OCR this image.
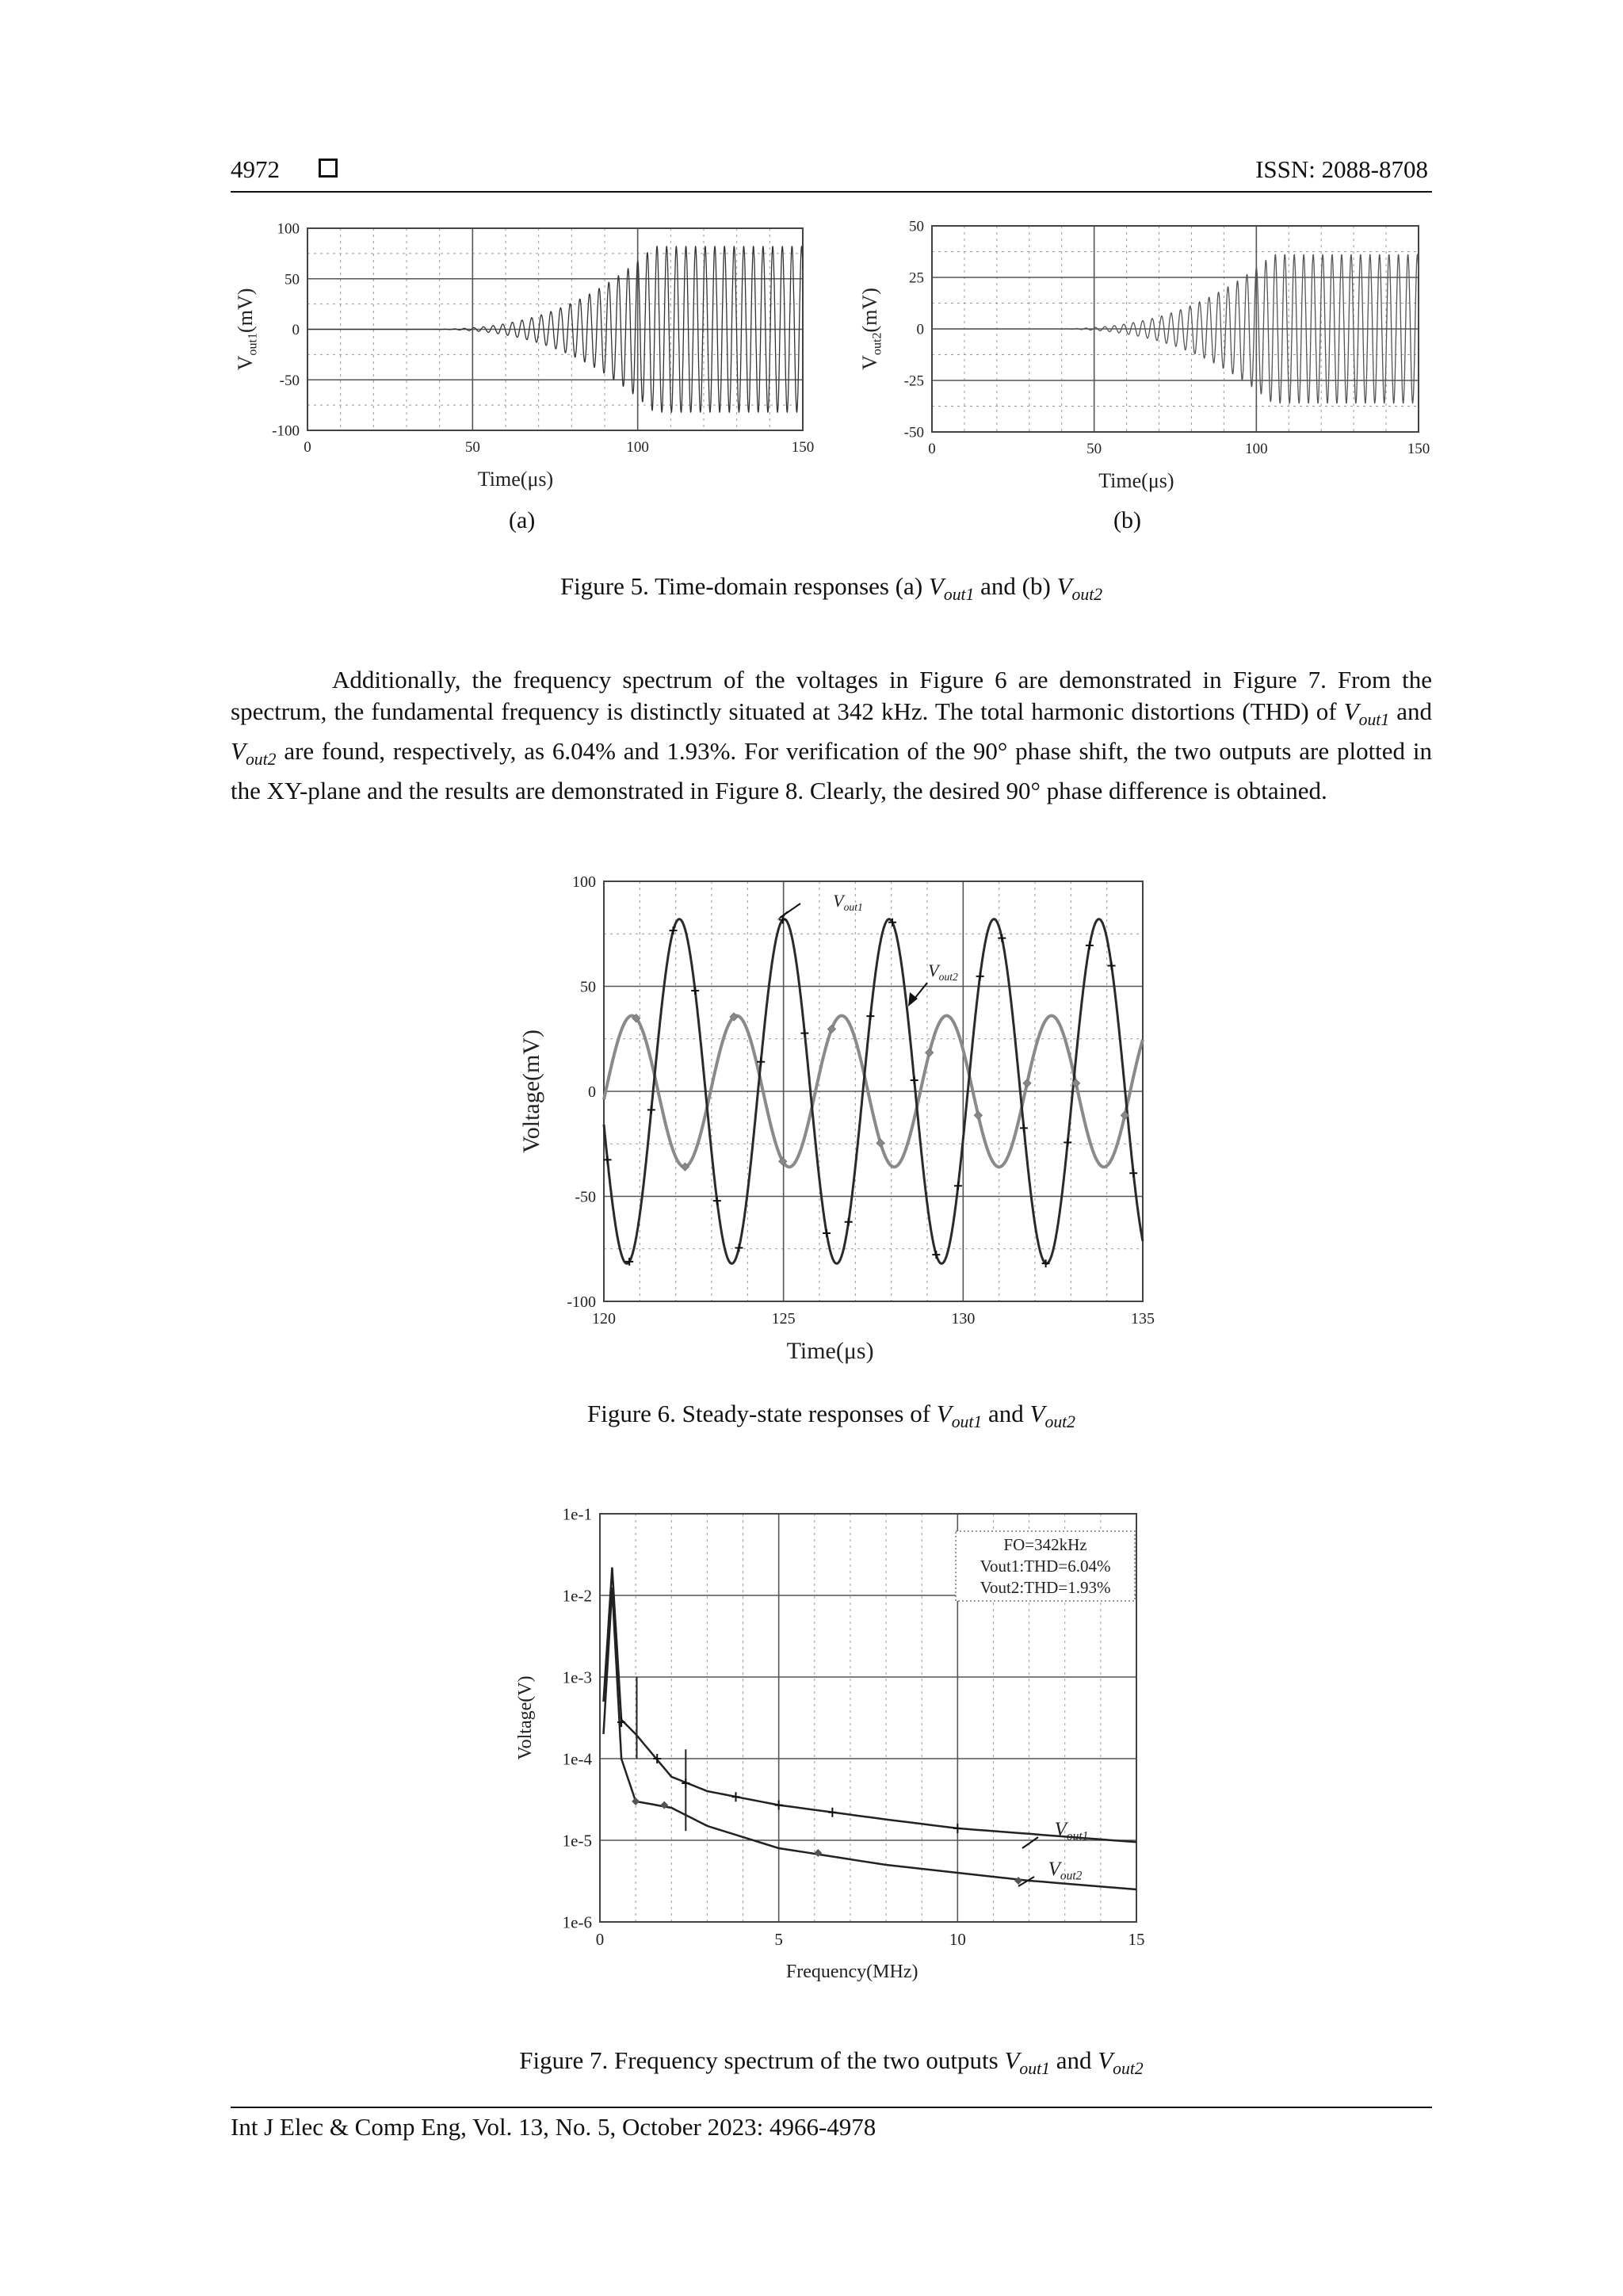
4972	ISSN: 2088-8708
0	50	100	150
100
50
0
-50
-100
Time(μs)
$V_{out1}(mV)$
0	50	100	150
50
25
0
-25
-50
Time(μs)
$V_{out2}(mV)$
(a)	(b)
Figure 5. Time-domain responses (a) $V_{out1}$ and (b) $V_{out2}$

Additionally, the frequency spectrum of the voltages in Figure 6 are demonstrated in Figure 7. From the spectrum, the fundamental frequency is distinctly situated at 342 kHz. The total harmonic distortions (THD) of $V_{out1}$ and $V_{out2}$ are found, respectively, as 6.04% and 1.93%. For verification of the 90° phase shift, the two outputs are plotted in the XY-plane and the results are demonstrated in Figure 8. Clearly, the desired 90° phase difference is obtained.

120	125	130	135
100
50
0
-50
-100
$V_{out1}$
$V_{out2}$
Time(μs)
Voltage(mV)
Figure 6. Steady-state responses of $V_{out1}$ and $V_{out2}$
0	5	10	15
1e-1
1e-2
1e-3
1e-4
1e-5
1e-6
FO=342kHz
Vout1:THD=6.04%
Vout2:THD=1.93%
$V_{out1}$
$V_{out2}$
Frequency(MHz)
Voltage(V)
Figure 7. Frequency spectrum of the two outputs $V_{out1}$ and $V_{out2}$
Int J Elec & Comp Eng, Vol. 13, No. 5, October 2023: 4966-4978
